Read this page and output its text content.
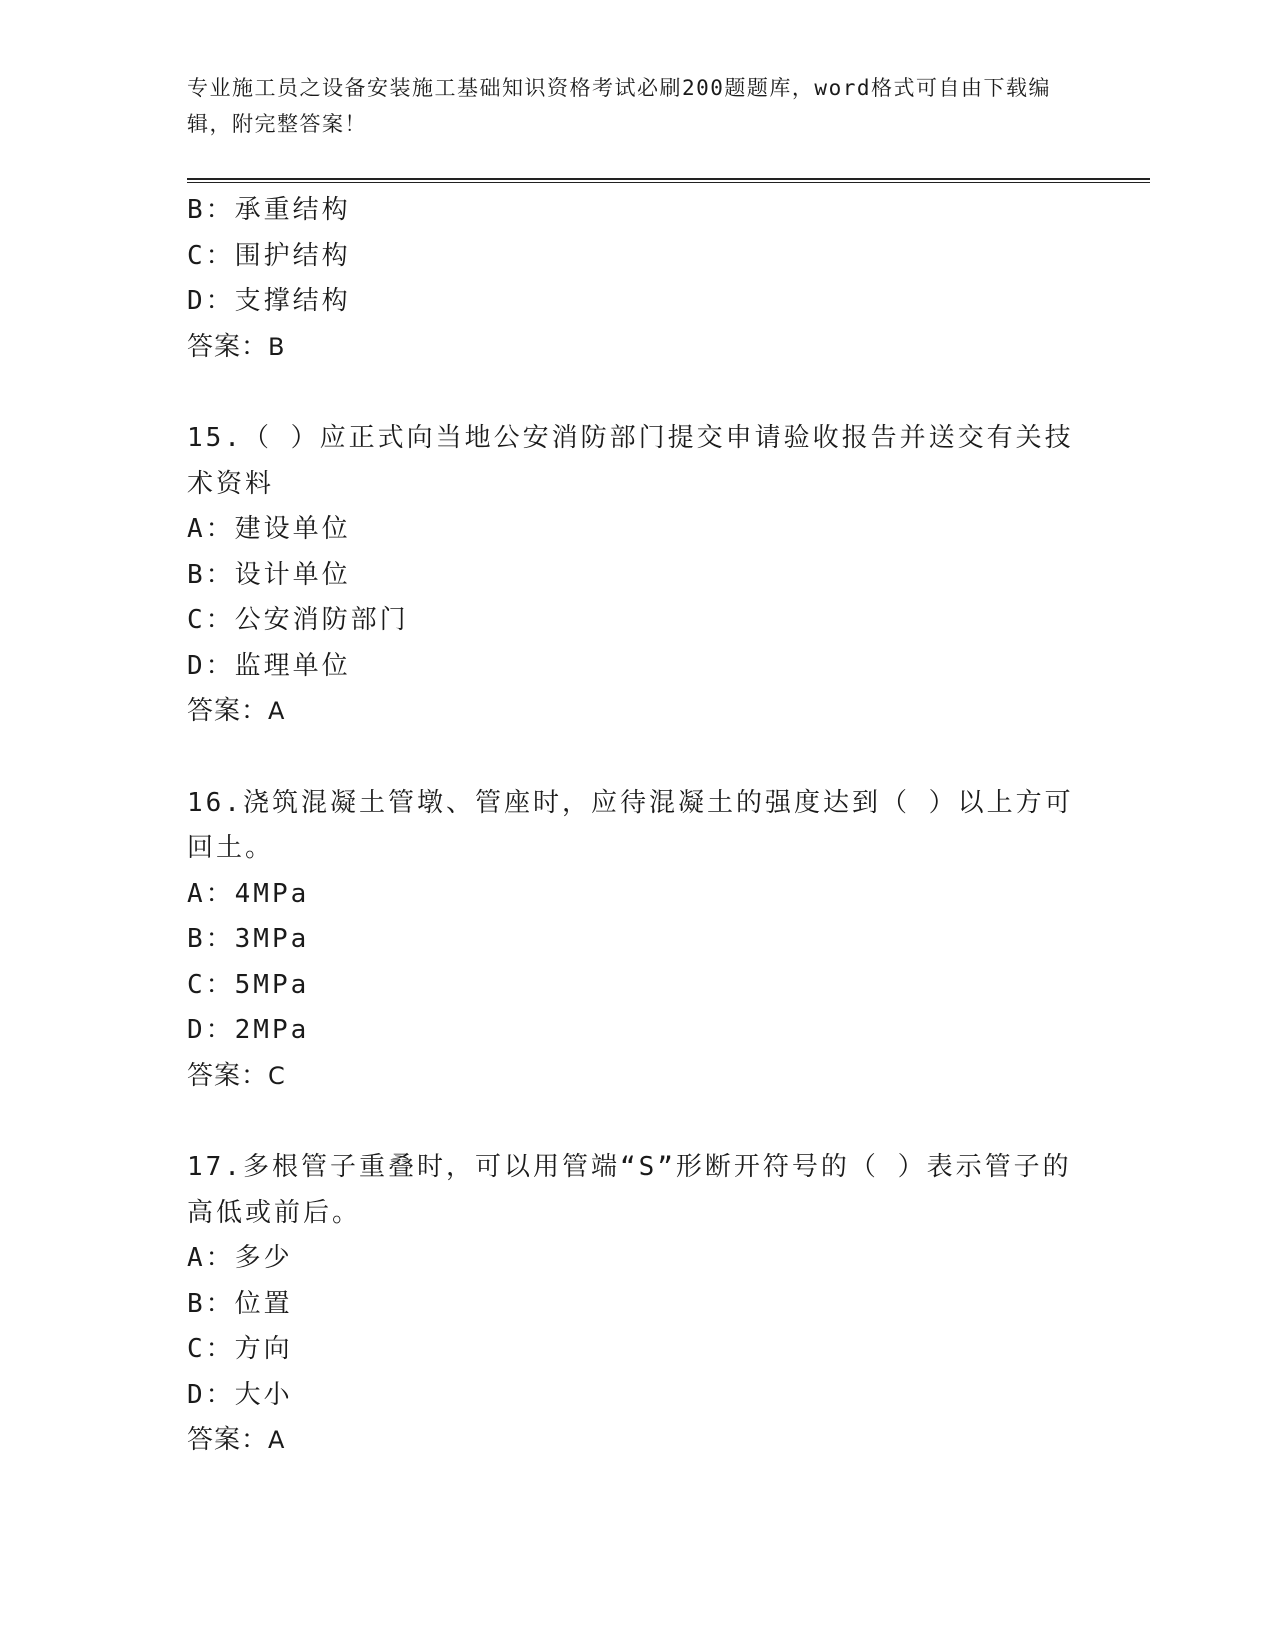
专业施工员之设备安装施工基础知识资格考试必刷200题题库，word格式可自由下载编辑，附完整答案！
B：承重结构
C：围护结构
D：支撑结构
答案：B
15.（ ）应正式向当地公安消防部门提交申请验收报告并送交有关技
术资料
A：建设单位
B：设计单位
C：公安消防部门
D：监理单位
答案：A
16.浇筑混凝土管墩、管座时，应待混凝土的强度达到（ ）以上方可
回土。
A：4MPa
B：3MPa
C：5MPa
D：2MPa
答案：C
17.多根管子重叠时，可以用管端“S”形断开符号的（ ）表示管子的
高低或前后。
A：多少
B：位置
C：方向
D：大小
答案：A
